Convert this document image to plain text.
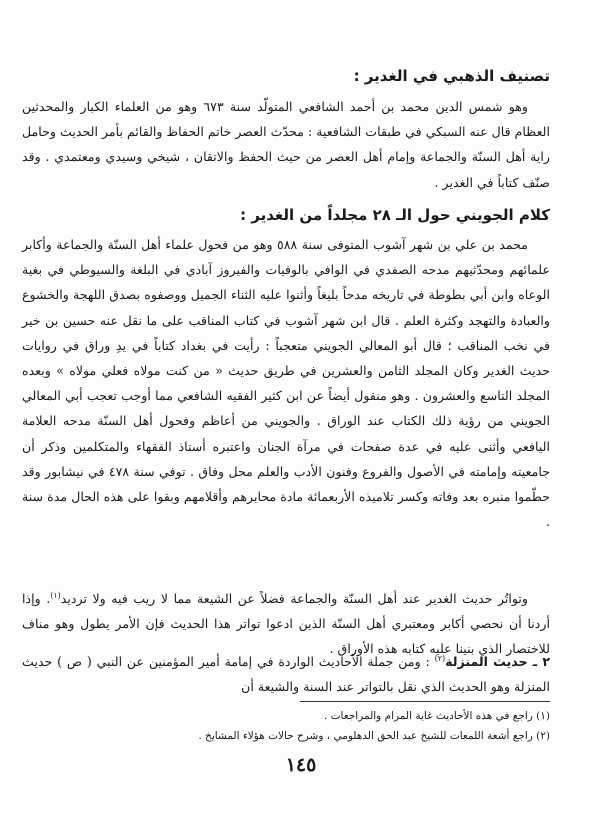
تصنيف الذهبي في الغدير :

وهو شمس الدين محمد بن أحمد الشافعي المتولّد سنة ٦٧٣ وهو من العلماء الكبار والمحدثين العظام قال عنه السبكي في طبقات الشافعية : محدّث العصر خاتم الحفاظ والقائم بأمر الحديث وحامل راية أهل السنّة والجماعة وإمام أهل العصر من حيث الحفظ والاتقان ، شيخي وسيدي ومعتمدي . وقد صنّف كتاباً في الغدير .

كلام الجويني حول الـ ٢٨ مجلداً من الغدير :

محمد بن علي بن شهر آشوب المتوفى سنة ٥٨٨ وهو من فحول علماء أهل السنّة والجماعة وأكابر علمائهم ومحدّثيهم مدحه الصفدي في الوافي بالوفيات والفيروز آبادي في البلغة والسيوطي في بغية الوعاه وابن أبي بطوطة في تاريخه مدحاً بليغاً وأثنوا عليه الثناء الجميل ووصفوه بصدق اللهجة والخشوع والعبادة والتهجد وكثرة العلم . قال ابن شهر آشوب في كتاب المناقب على ما نقل عنه حسين بن خير في نخب المناقب ؛ قال أبو المعالي الجويني متعجباً : رأيت في بغداد كتاباً في يدِ وراق في روايات حديث الغدير وكان المجلد الثامن والعشرين في طريق حديث « من كنت مولاه فعلي مولاه » وبعده المجلد التاسع والعشرون . وهو منقول أيضاً عن ابن كثير الفقيه الشافعي مما أوجب تعجب أبي المعالي الجويني من رؤية ذلك الكتاب عند الوراق . والجويني من أعاظم وفحول أهل السنّة مدحه العلامة اليافعي وأثنى عليه في عدة صفحات في مرآة الجنان واعتبره أستاذ الفقهاء والمتكلمين وذكر أن جامعيته وإمامته في الأصول والفروع وفنون الأدب والعلم محل وفاق . توفي سنة ٤٧٨ في نيشابور وقد حطّموا منبره بعد وفاته وكسر تلاميذه الأربعمائة مادة محابرهم وأقلامهم وبقوا على هذه الحال مدة سنة .

وتواتُر حديث الغدير عند أهل السنّة والجماعة فضلاً عن الشيعة مما لا ريب فيه ولا ترديد$^{(١)}$. وإذا أردنا أن نحصي أكابر ومعتبري أهل السنّة الذين ادعوا تواتر هذا الحديث فإن الأمر يطول وهو مناف للاختصار الذي بنينا عليه كتابه هذه الأوراق .

٢ ـ حديث المنزلة$^{(٢)}$ : ومن جملة الأحاديث الواردة في إمامة أمير المؤمنين عن النبي ( ص ) حديث المنزلة وهو الحديث الذي نقل بالتواتر عند السنة والشيعة أن

(١) راجع في هذه الأحاديث غاية المرام والمراجعات .
(٢) راجع أشعة اللمعات للشيخ عبد الحق الدهلومي ، وشرح حالات هؤلاء المشايخ .
١٤٥
